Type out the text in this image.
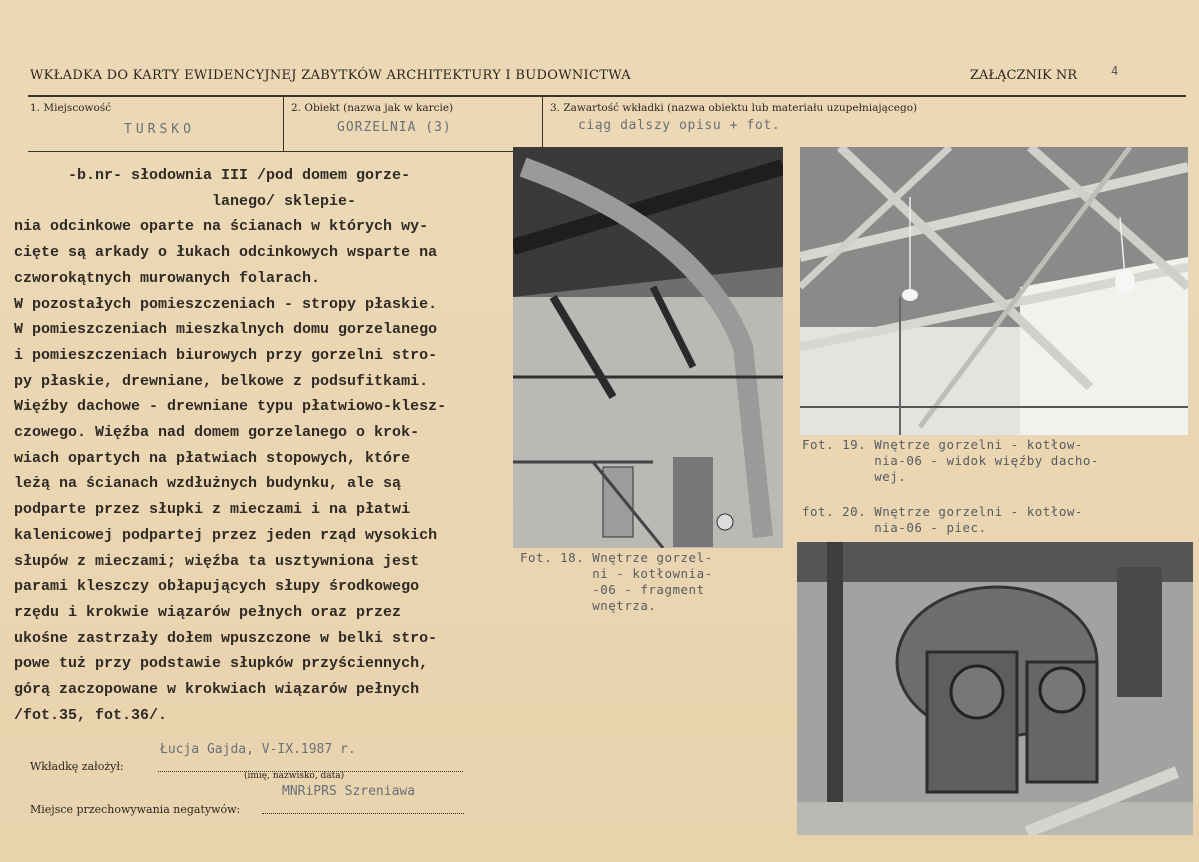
WKŁADKA DO KARTY EWIDENCYJNEJ ZABYTKÓW ARCHITEKTURY I BUDOWNICTWA	ZAŁĄCZNIK NR	4
1. Miejscowość
TURSKO
2. Obiekt (nazwa jak w karcie)
GORZELNIA (3)
3. Zawartość wkładki (nazwa obiektu lub materiału uzupełniającego)
ciąg dalszy opisu + fot.
-b.nr- słodownia III /pod domem gorze-
lanego/ sklepie-
nia odcinkowe oparte na ścianach w których wy-
cięte są arkady o łukach odcinkowych wsparte na
czworokątnych murowanych folarach.
W pozostałych pomieszczeniach - stropy płaskie.
W pomieszczeniach mieszkalnych domu gorzelanego
i pomieszczeniach biurowych przy gorzelni stro-
py płaskie, drewniane, belkowe z podsufitkami.
Więźby dachowe - drewniane typu płatwiowo-klesz-
czowego. Więźba nad domem gorzelanego o krok-
wiach opartych na płatwiach stopowych, które
leżą na ścianach wzdłużnych budynku, ale są
podparte przez słupki z mieczami i na płatwi
kalenicowej podpartej przez jeden rząd wysokich
słupów z mieczami; więźba ta usztywniona jest
parami kleszczy obłapujących słupy środkowego
rzędu i krokwie wiązarów pełnych oraz przez
ukośne zastrzały dołem wpuszczone w belki stro-
powe tuż przy podstawie słupków przyściennych,
górą zaczopowane w krokwiach wiązarów pełnych
/fot.35, fot.36/.
Fot. 18. Wnętrze gorzel-
ni - kotłownia-
-06 - fragment
wnętrza.
Fot. 19. Wnętrze gorzelni - kotłow-
nia-06 - widok więźby dacho-
wej.
fot. 20. Wnętrze gorzelni - kotłow-
nia-06 - piec.
Łucja Gajda, V-IX.1987 r.
Wkładkę założył:
(imię, nazwisko, data)
MNRiPRS Szreniawa
Miejsce przechowywania negatywów:
